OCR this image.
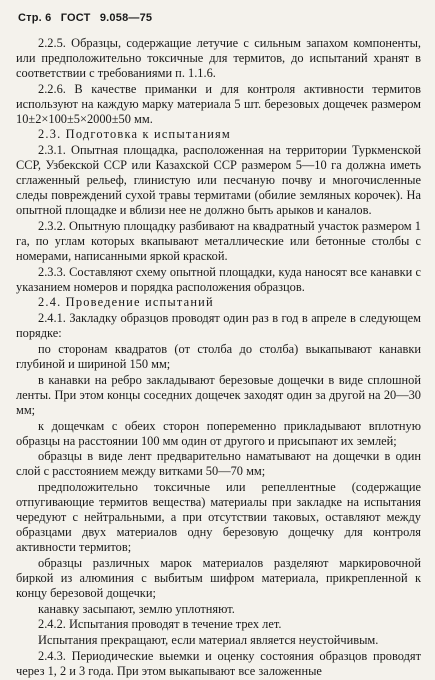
Стр. 6 ГОСТ 9.058—75

2.2.5. Образцы, содержащие летучие с сильным запахом компоненты, или предположительно токсичные для термитов, до испытаний хранят в соответствии с требованиями п. 1.1.6.

2.2.6. В качестве приманки и для контроля активности термитов используют на каждую марку материала 5 шт. березовых дощечек размером 10±2×100±5×2000±50 мм.

2.3. Подготовка к испытаниям

2.3.1. Опытная площадка, расположенная на территории Туркменской ССР, Узбекской ССР или Казахской ССР размером 5—10 га должна иметь сглаженный рельеф, глинистую или песчаную почву и многочисленные следы повреждений сухой травы термитами (обилие земляных корочек). На опытной площадке и вблизи нее не должно быть арыков и каналов.

2.3.2. Опытную площадку разбивают на квадратный участок размером 1 га, по углам которых вкапывают металлические или бетонные столбы с номерами, написанными яркой краской.

2.3.3. Составляют схему опытной площадки, куда наносят все канавки с указанием номеров и порядка расположения образцов.

2.4. Проведение испытаний

2.4.1. Закладку образцов проводят один раз в год в апреле в следующем порядке:

по сторонам квадратов (от столба до столба) выкапывают канавки глубиной и шириной 150 мм;

в канавки на ребро закладывают березовые дощечки в виде сплошной ленты. При этом концы соседних дощечек заходят один за другой на 20—30 мм;

к дощечкам с обеих сторон попеременно прикладывают вплотную образцы на расстоянии 100 мм один от другого и присыпают их землей;

образцы в виде лент предварительно наматывают на дощечки в один слой с расстоянием между витками 50—70 мм;

предположительно токсичные или репеллентные (содержащие отпугивающие термитов вещества) материалы при закладке на испытания чередуют с нейтральными, а при отсутствии таковых, оставляют между образцами двух материалов одну березовую дощечку для контроля активности термитов;

образцы различных марок материалов разделяют маркировочной биркой из алюминия с выбитым шифром материала, прикрепленной к концу березовой дощечки;

канавку засыпают, землю уплотняют.

2.4.2. Испытания проводят в течение трех лет.

Испытания прекращают, если материал является неустойчивым.

2.4.3. Периодические выемки и оценку состояния образцов проводят через 1, 2 и 3 года. При этом выкапывают все заложенные
